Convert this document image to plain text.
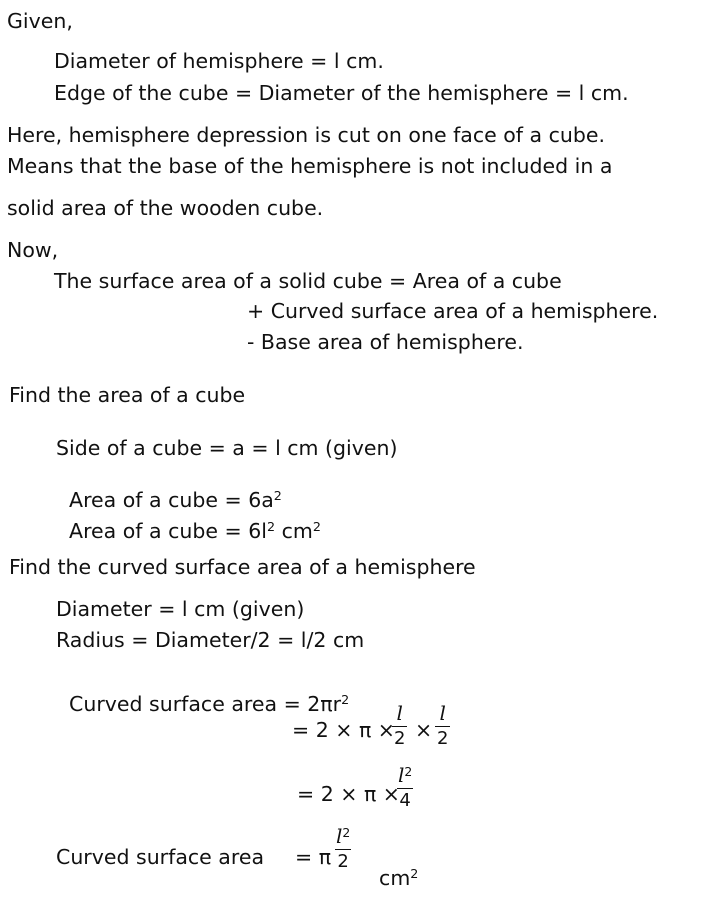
Given,
Diameter of hemisphere = l cm.
Edge of the cube = Diameter of the hemisphere = l cm.
Here, hemisphere depression is cut on one face of a cube.
Means that the base of the hemisphere is not included in a
solid area of the wooden cube.
Now,
The surface area of a solid cube = Area of a cube
+ Curved surface area of a hemisphere.
- Base area of hemisphere.
Find the area of a cube
Side of a cube = a = l cm (given)

Area of a cube = $6a^2$

Area of a cube = $6l^2$ $cm^2$

Find the curved surface area of a hemisphere
Diameter = l cm (given)
Radius = Diameter/2 = l/2 cm

Curved surface area = $2\pi r^2$

= 2 × π ×
$\frac{l}{2} \times \frac{l}{2}$
= 2 × π ×
$\frac{l^2}{4}$
Curved surface area = π $\frac{l^2}{2}$

$cm^2$
